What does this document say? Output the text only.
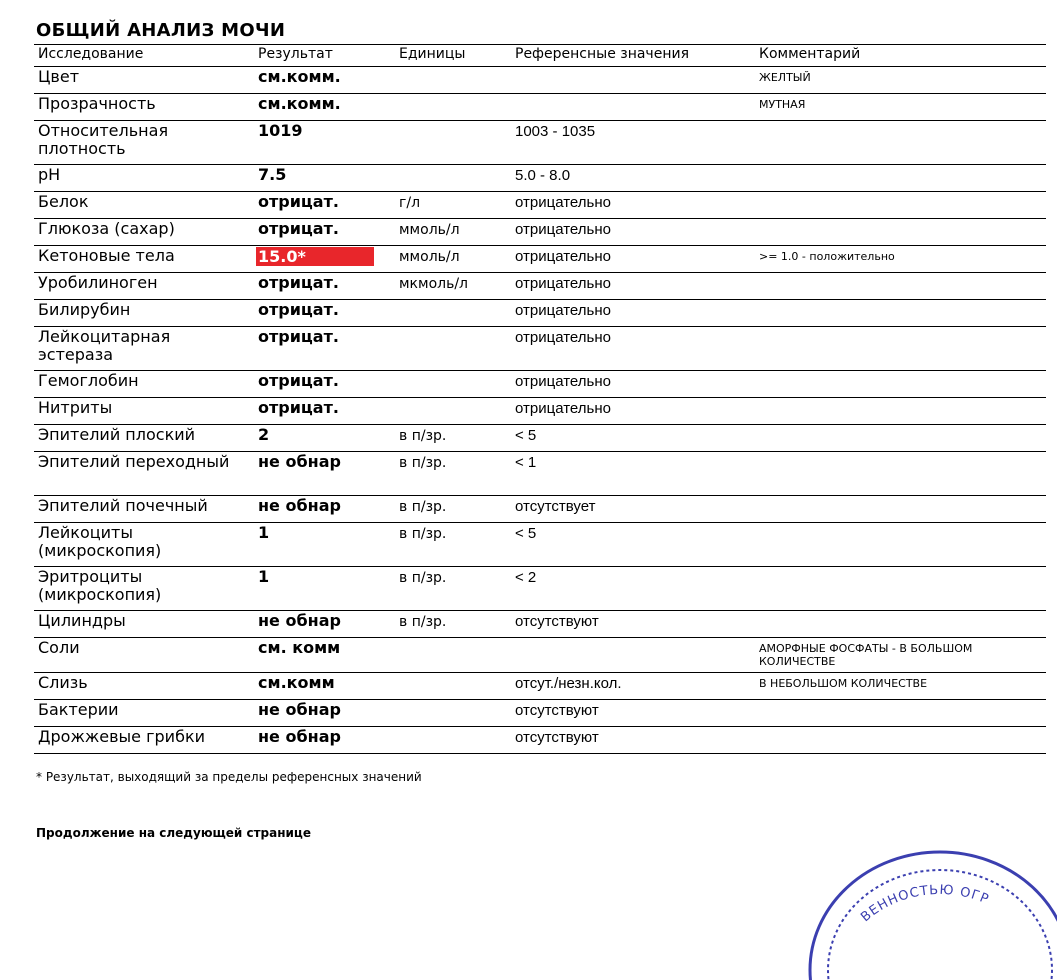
ОБЩИЙ АНАЛИЗ МОЧИ
Исследование	Результат	Единицы	Референсные значения	Комментарий
Цвет	см.комм.			ЖЕЛТЫЙ
Прозрачность	см.комм.			МУТНАЯ
Относительная плотность	1019		1003 - 1035	
pH	7.5		5.0 - 8.0	
Белок	отрицат.	г/л	отрицательно	
Глюкоза (сахар)	отрицат.	ммоль/л	отрицательно	
Кетоновые тела	15.0*	ммоль/л	отрицательно	>= 1.0 - положительно
Уробилиноген	отрицат.	мкмоль/л	отрицательно	
Билирубин	отрицат.		отрицательно	
Лейкоцитарная эстераза	отрицат.		отрицательно	
Гемоглобин	отрицат.		отрицательно	
Нитриты	отрицат.		отрицательно	
Эпителий плоский	2	в п/зр.	< 5	
Эпителий переходный	не обнар	в п/зр.	< 1	
Эпителий почечный	не обнар	в п/зр.	отсутствует	
Лейкоциты (микроскопия)	1	в п/зр.	< 5	
Эритроциты (микроскопия)	1	в п/зр.	< 2	
Цилиндры	не обнар	в п/зр.	отсутствуют	
Соли	см. комм			АМОРФНЫЕ ФОСФАТЫ - В БОЛЬШОМ КОЛИЧЕСТВЕ
Слизь	см.комм		отсут./незн.кол.	В НЕБОЛЬШОМ КОЛИЧЕСТВЕ
Бактерии	не обнар		отсутствуют	
Дрожжевые грибки	не обнар		отсутствуют	
* Результат, выходящий за пределы референсных значений
Продолжение на следующей странице
ВЕННОСТЬЮ ОГР
